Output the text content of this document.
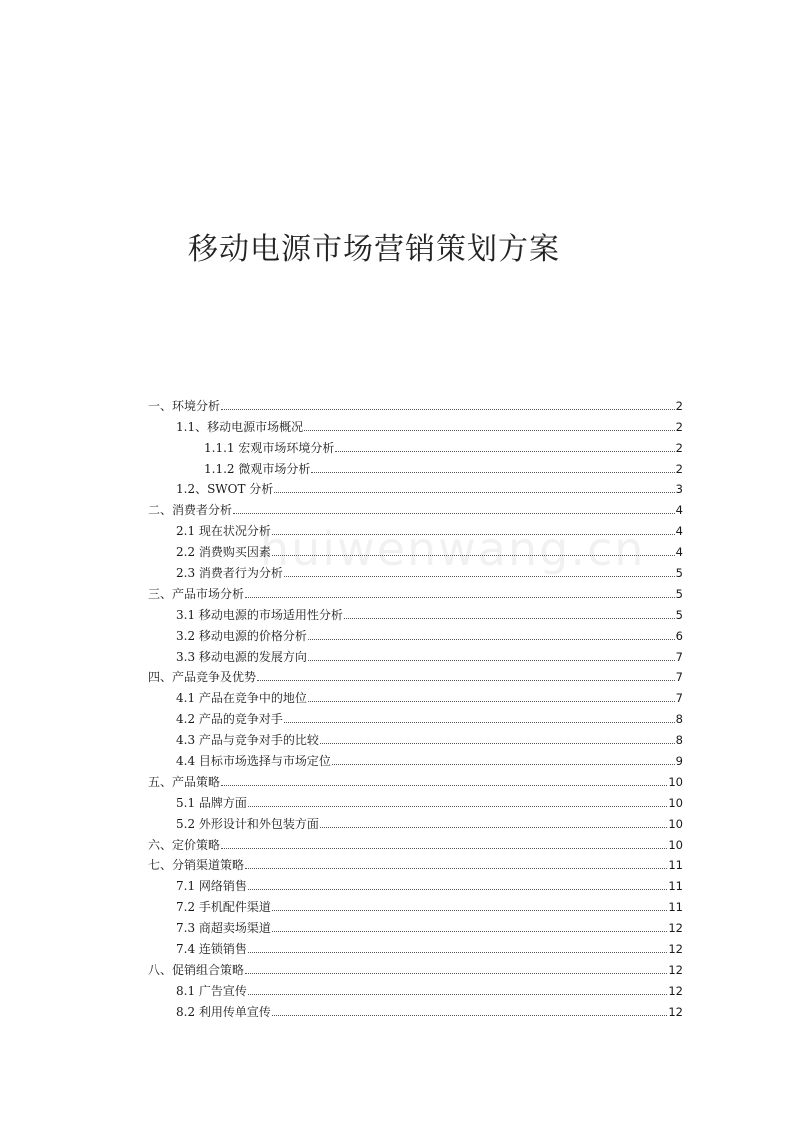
移动电源市场营销策划方案
huiwenwang.cn
一、环境分析	2
1.1、移动电源市场概况	2
1.1.1 宏观市场环境分析	2
1.1.2 微观市场分析	2
1.2、SWOT 分析	3
二、消费者分析	4
2.1 现在状况分析	4
2.2 消费购买因素	4
2.3 消费者行为分析	5
三、产品市场分析	5
3.1 移动电源的市场适用性分析	5
3.2 移动电源的价格分析	6
3.3 移动电源的发展方向	7
四、产品竞争及优势	7
4.1 产品在竞争中的地位	7
4.2 产品的竞争对手	8
4.3 产品与竞争对手的比较	8
4.4 目标市场选择与市场定位	9
五、产品策略	10
5.1 品牌方面	10
5.2 外形设计和外包装方面	10
六、定价策略	10
七、分销渠道策略	11
7.1 网络销售	11
7.2 手机配件渠道	11
7.3 商超卖场渠道	12
7.4 连锁销售	12
八、促销组合策略	12
8.1 广告宣传	12
8.2 利用传单宣传	12
